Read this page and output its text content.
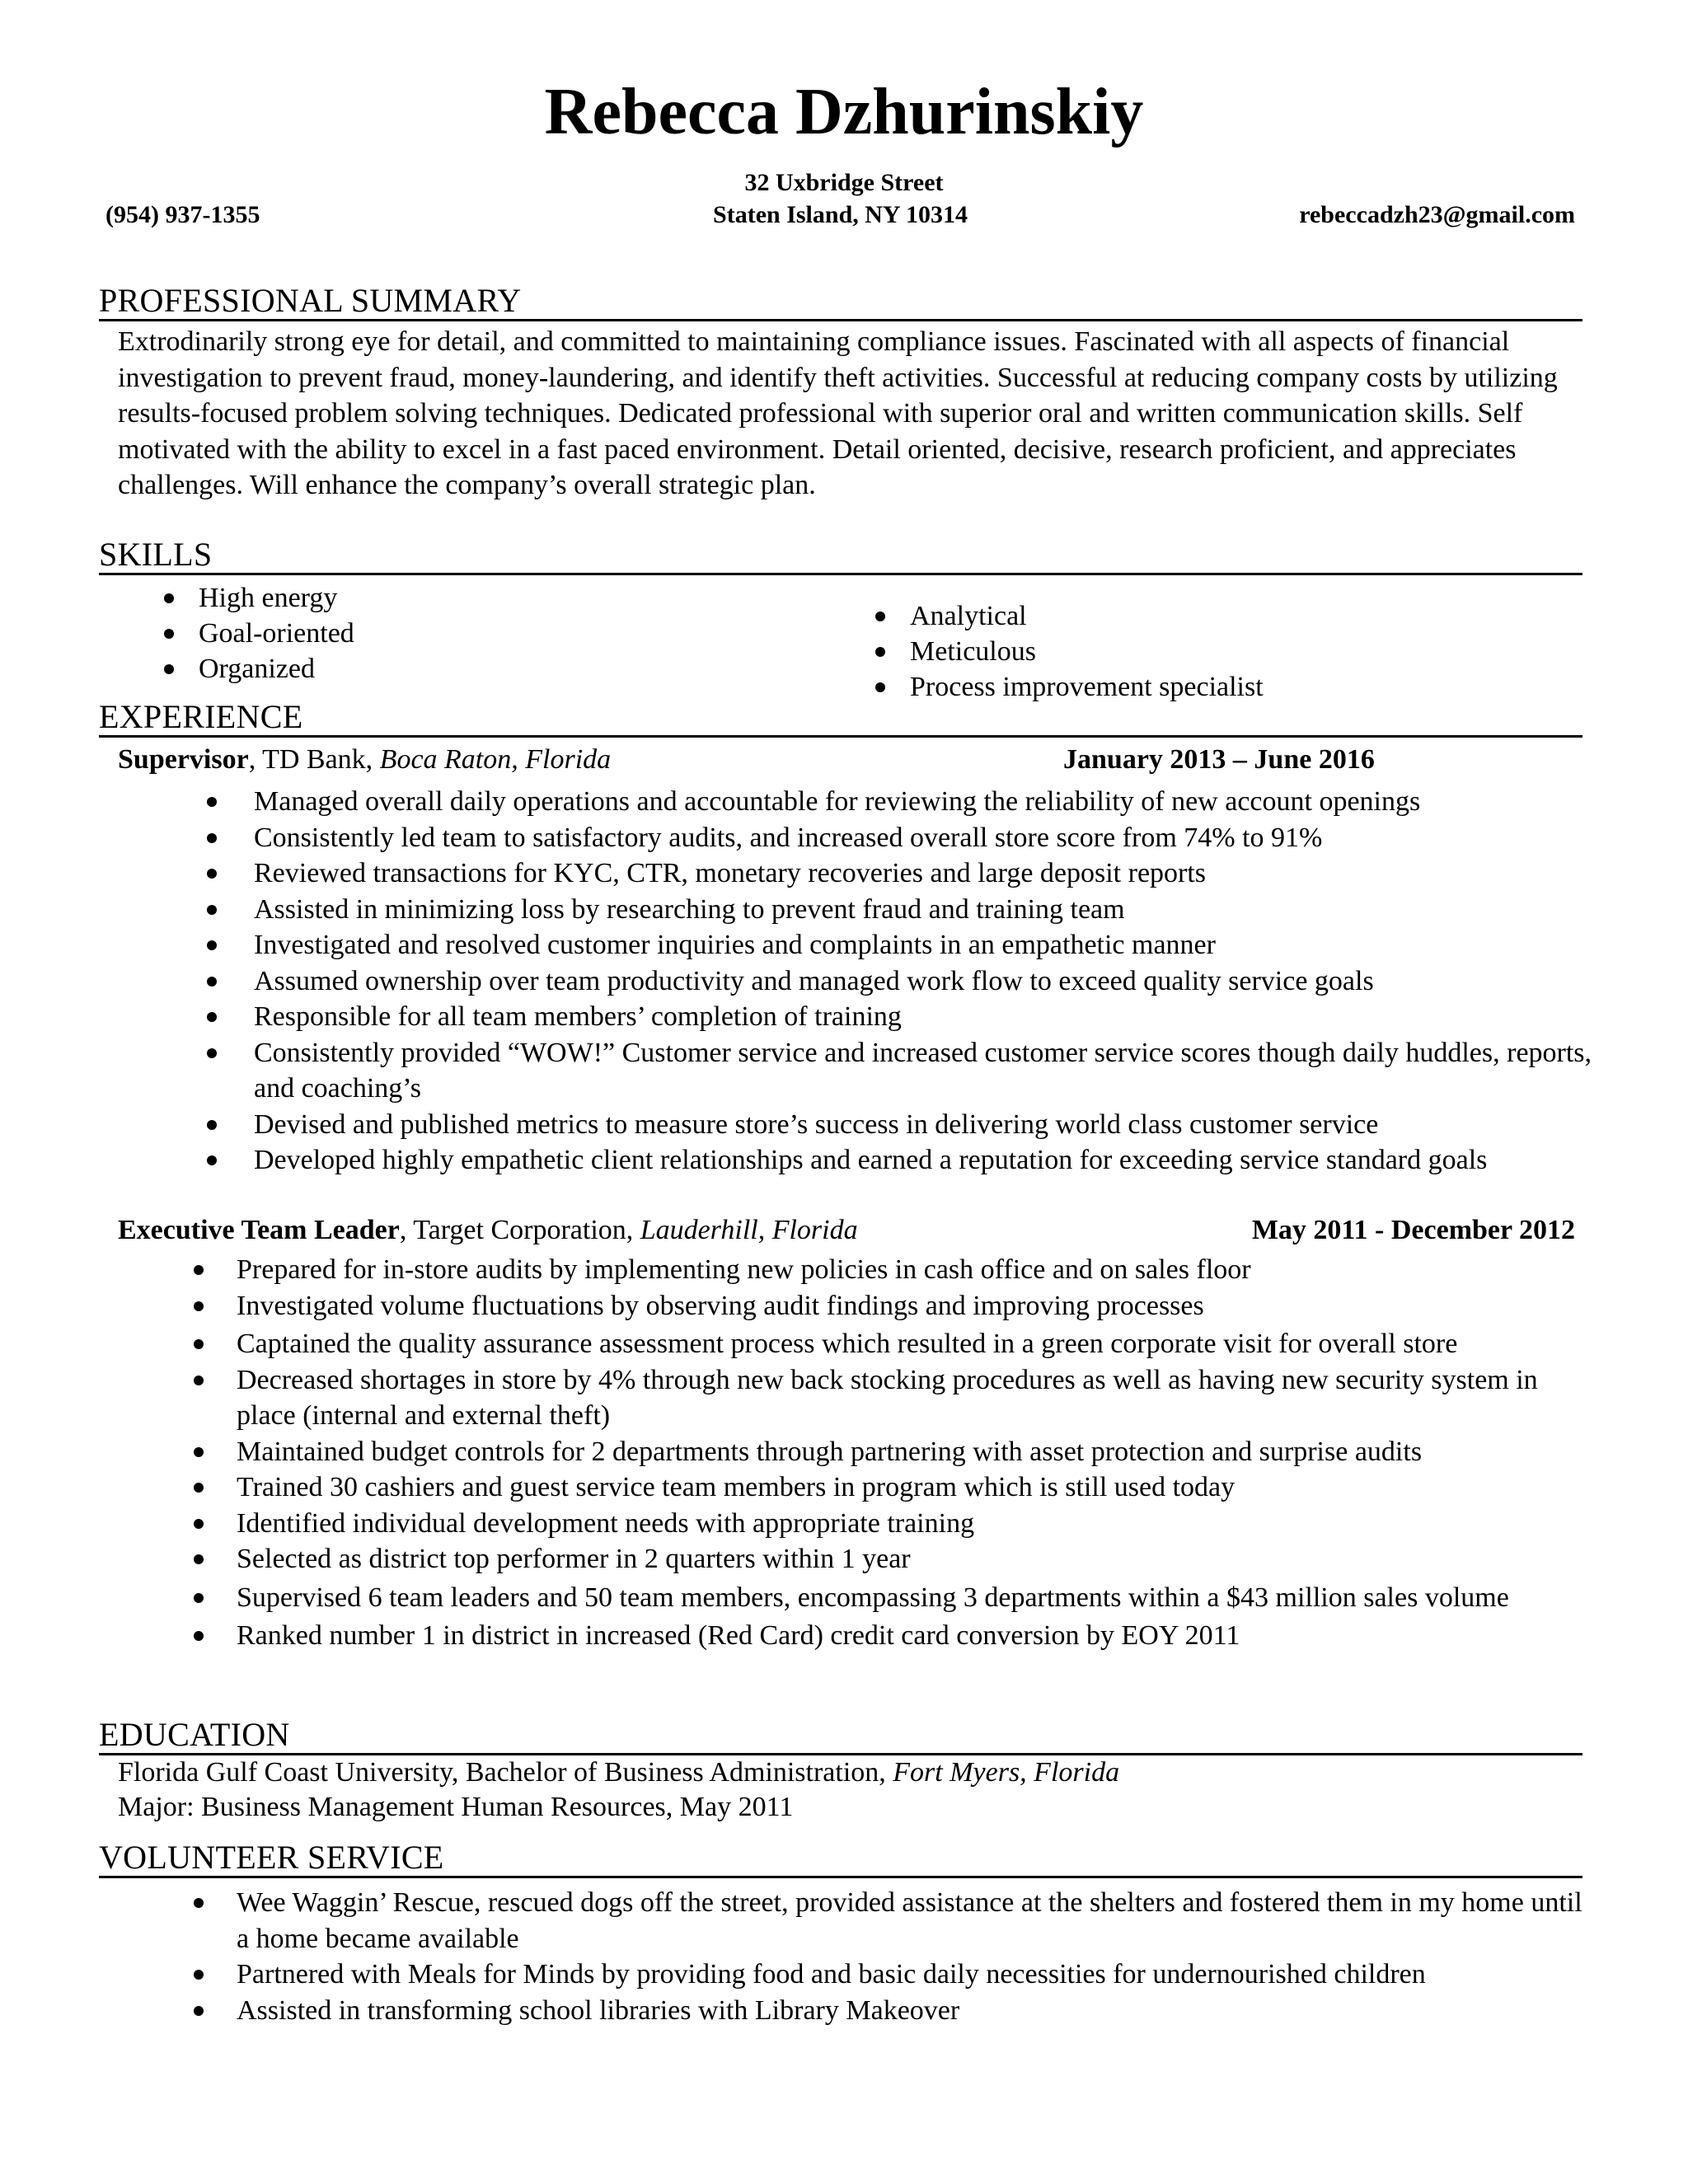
Rebecca Dzhurinskiy
32 Uxbridge Street
Staten Island, NY 10314
(954) 937-1355	rebeccadzh23@gmail.com
PROFESSIONAL SUMMARY
Extrodinarily strong eye for detail, and committed to maintaining compliance issues. Fascinated with all aspects of financial investigation to prevent fraud, money-laundering, and identify theft activities. Successful at reducing company costs by utilizing results-focused problem solving techniques. Dedicated professional with superior oral and written communication skills. Self motivated with the ability to excel in a fast paced environment. Detail oriented, decisive, research proficient, and appreciates challenges. Will enhance the company’s overall strategic plan.
SKILLS
High energy
Goal-oriented
Organized
Analytical
Meticulous
Process improvement specialist
EXPERIENCE
Supervisor, TD Bank, Boca Raton, Florida	January 2013 – June 2016
Managed overall daily operations and accountable for reviewing the reliability of new account openings
Consistently led team to satisfactory audits, and increased overall store score from 74% to 91%
Reviewed transactions for KYC, CTR, monetary recoveries and large deposit reports
Assisted in minimizing loss by researching to prevent fraud and training team
Investigated and resolved customer inquiries and complaints in an empathetic manner
Assumed ownership over team productivity and managed work flow to exceed quality service goals
Responsible for all team members’ completion of training
Consistently provided “WOW!” Customer service and increased customer service scores though daily huddles, reports, and coaching’s
Devised and published metrics to measure store’s success in delivering world class customer service
Developed highly empathetic client relationships and earned a reputation for exceeding service standard goals
Executive Team Leader, Target Corporation, Lauderhill, Florida	May 2011 - December 2012
Prepared for in-store audits by implementing new policies in cash office and on sales floor
Investigated volume fluctuations by observing audit findings and improving processes
Captained the quality assurance assessment process which resulted in a green corporate visit for overall store
Decreased shortages in store by 4% through new back stocking procedures as well as having new security system in place (internal and external theft)
Maintained budget controls for 2 departments through partnering with asset protection and surprise audits
Trained 30 cashiers and guest service team members in program which is still used today
Identified individual development needs with appropriate training
Selected as district top performer in 2 quarters within 1 year
Supervised 6 team leaders and 50 team members, encompassing 3 departments within a $43 million sales volume
Ranked number 1 in district in increased (Red Card) credit card conversion by EOY 2011
EDUCATION
Florida Gulf Coast University, Bachelor of Business Administration, Fort Myers, Florida
Major: Business Management Human Resources, May 2011
VOLUNTEER SERVICE
Wee Waggin’ Rescue, rescued dogs off the street, provided assistance at the shelters and fostered them in my home until a home became available
Partnered with Meals for Minds by providing food and basic daily necessities for undernourished children
Assisted in transforming school libraries with Library Makeover
